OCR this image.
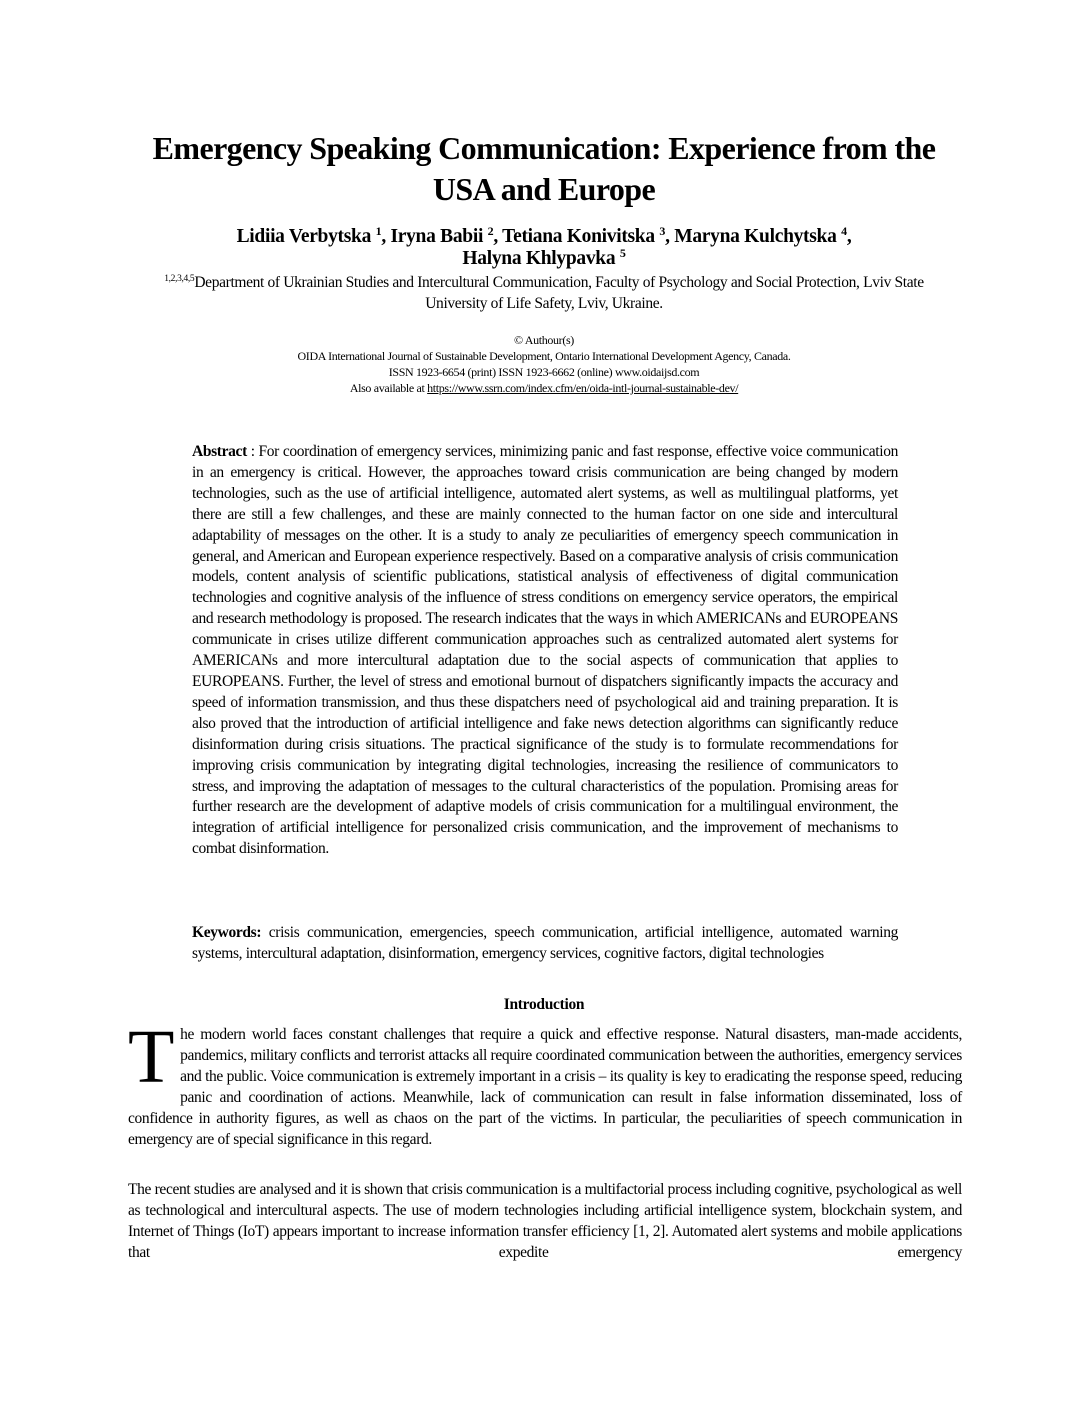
Emergency Speaking Communication: Experience from the USA and Europe
Lidiia Verbytska $^1$, Iryna Babii $^2$, Tetiana Konivitska $^3$, Maryna Kulchytska $^4$,
Halyna Khlypavka $^5$
$^{1,2,3,4,5}$Department of Ukrainian Studies and Intercultural Communication, Faculty of Psychology and Social Protection, Lviv State University of Life Safety, Lviv, Ukraine.
© Authour(s)
OIDA International Journal of Sustainable Development, Ontario International Development Agency, Canada.
ISSN 1923-6654 (print) ISSN 1923-6662 (online) www.oidaijsd.com
Also available at https://www.ssrn.com/index.cfm/en/oida-intl-journal-sustainable-dev/
Abstract : For coordination of emergency services, minimizing panic and fast response, effective voice communication in an emergency is critical. However, the approaches toward crisis communication are being changed by modern technologies, such as the use of artificial intelligence, automated alert systems, as well as multilingual platforms, yet there are still a few challenges, and these are mainly connected to the human factor on one side and intercultural adaptability of messages on the other. It is a study to analy ze peculiarities of emergency speech communication in general, and American and European experience respectively. Based on a comparative analysis of crisis communication models, content analysis of scientific publications, statistical analysis of effectiveness of digital communication technologies and cognitive analysis of the influence of stress conditions on emergency service operators, the empirical and research methodology is proposed. The research indicates that the ways in which AMERICANs and EUROPEANS communicate in crises utilize different communication approaches such as centralized automated alert systems for AMERICANs and more intercultural adaptation due to the social aspects of communication that applies to EUROPEANS. Further, the level of stress and emotional burnout of dispatchers significantly impacts the accuracy and speed of information transmission, and thus these dispatchers need of psychological aid and training preparation. It is also proved that the introduction of artificial intelligence and fake news detection algorithms can significantly reduce disinformation during crisis situations. The practical significance of the study is to formulate recommendations for improving crisis communication by integrating digital technologies, increasing the resilience of communicators to stress, and improving the adaptation of messages to the cultural characteristics of the population. Promising areas for further research are the development of adaptive models of crisis communication for a multilingual environment, the integration of artificial intelligence for personalized crisis communication, and the improvement of mechanisms to combat disinformation.
Keywords: crisis communication, emergencies, speech communication, artificial intelligence, automated warning systems, intercultural adaptation, disinformation, emergency services, cognitive factors, digital technologies
Introduction
The modern world faces constant challenges that require a quick and effective response. Natural disasters, man-made accidents, pandemics, military conflicts and terrorist attacks all require coordinated communication between the authorities, emergency services and the public. Voice communication is extremely important in a crisis – its quality is key to eradicating the response speed, reducing panic and coordination of actions. Meanwhile, lack of communication can result in false information disseminated, loss of confidence in authority figures, as well as chaos on the part of the victims. In particular, the peculiarities of speech communication in emergency are of special significance in this regard.
The recent studies are analysed and it is shown that crisis communication is a multifactorial process including cognitive, psychological as well as technological and intercultural aspects. The use of modern technologies including artificial intelligence system, blockchain system, and Internet of Things (IoT) appears important to increase information transfer efficiency [1, 2]. Automated alert systems and mobile applications that expedite emergency
